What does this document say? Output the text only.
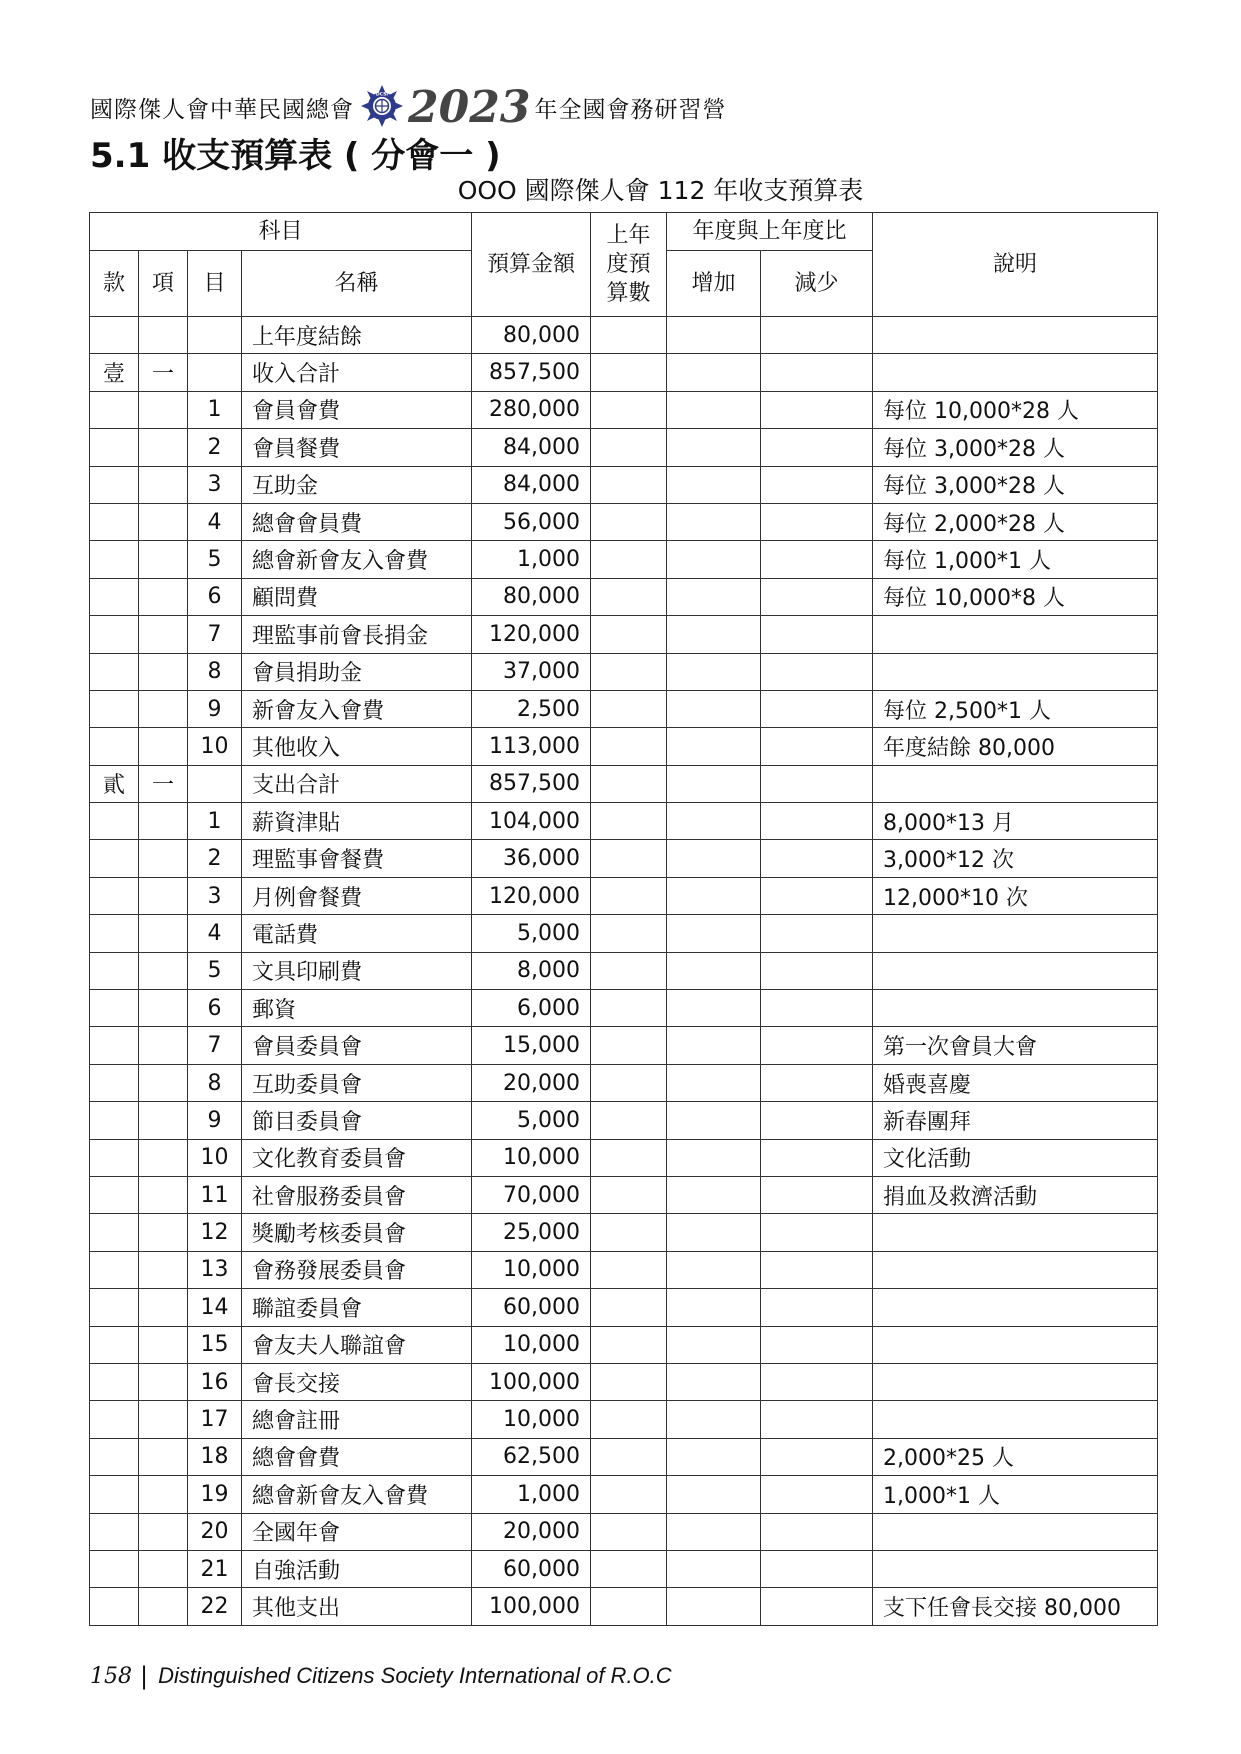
國際傑人會中華民國總會
DCSI 2023 年全國會務研習營
5.1 收支預算表 ( 分會一 )
OOO 國際傑人會 112 年收支預算表
科目				預算金額	上年度預算數	年度與上年度比		說明
款	項	目	名稱			增加	減少	
			上年度結餘	80,000				
壹	一		收入合計	857,500				
		1	會員會費	280,000				每位 10,000*28 人
		2	會員餐費	84,000				每位 3,000*28 人
		3	互助金	84,000				每位 3,000*28 人
		4	總會會員費	56,000				每位 2,000*28 人
		5	總會新會友入會費	1,000				每位 1,000*1 人
		6	顧問費	80,000				每位 10,000*8 人
		7	理監事前會長捐金	120,000				
		8	會員捐助金	37,000				
		9	新會友入會費	2,500				每位 2,500*1 人
		10	其他收入	113,000				年度結餘 80,000
貳	一		支出合計	857,500				
		1	薪資津貼	104,000				8,000*13 月
		2	理監事會餐費	36,000				3,000*12 次
		3	月例會餐費	120,000				12,000*10 次
		4	電話費	5,000				
		5	文具印刷費	8,000				
		6	郵資	6,000				
		7	會員委員會	15,000				第一次會員大會
		8	互助委員會	20,000				婚喪喜慶
		9	節目委員會	5,000				新春團拜
		10	文化教育委員會	10,000				文化活動
		11	社會服務委員會	70,000				捐血及救濟活動
		12	獎勵考核委員會	25,000				
		13	會務發展委員會	10,000				
		14	聯誼委員會	60,000				
		15	會友夫人聯誼會	10,000				
		16	會長交接	100,000				
		17	總會註冊	10,000				
		18	總會會費	62,500				2,000*25 人
		19	總會新會友入會費	1,000				1,000*1 人
		20	全國年會	20,000				
		21	自強活動	60,000				
		22	其他支出	100,000				支下任會長交接 80,000
158 | Distinguished Citizens Society International of R.O.C
